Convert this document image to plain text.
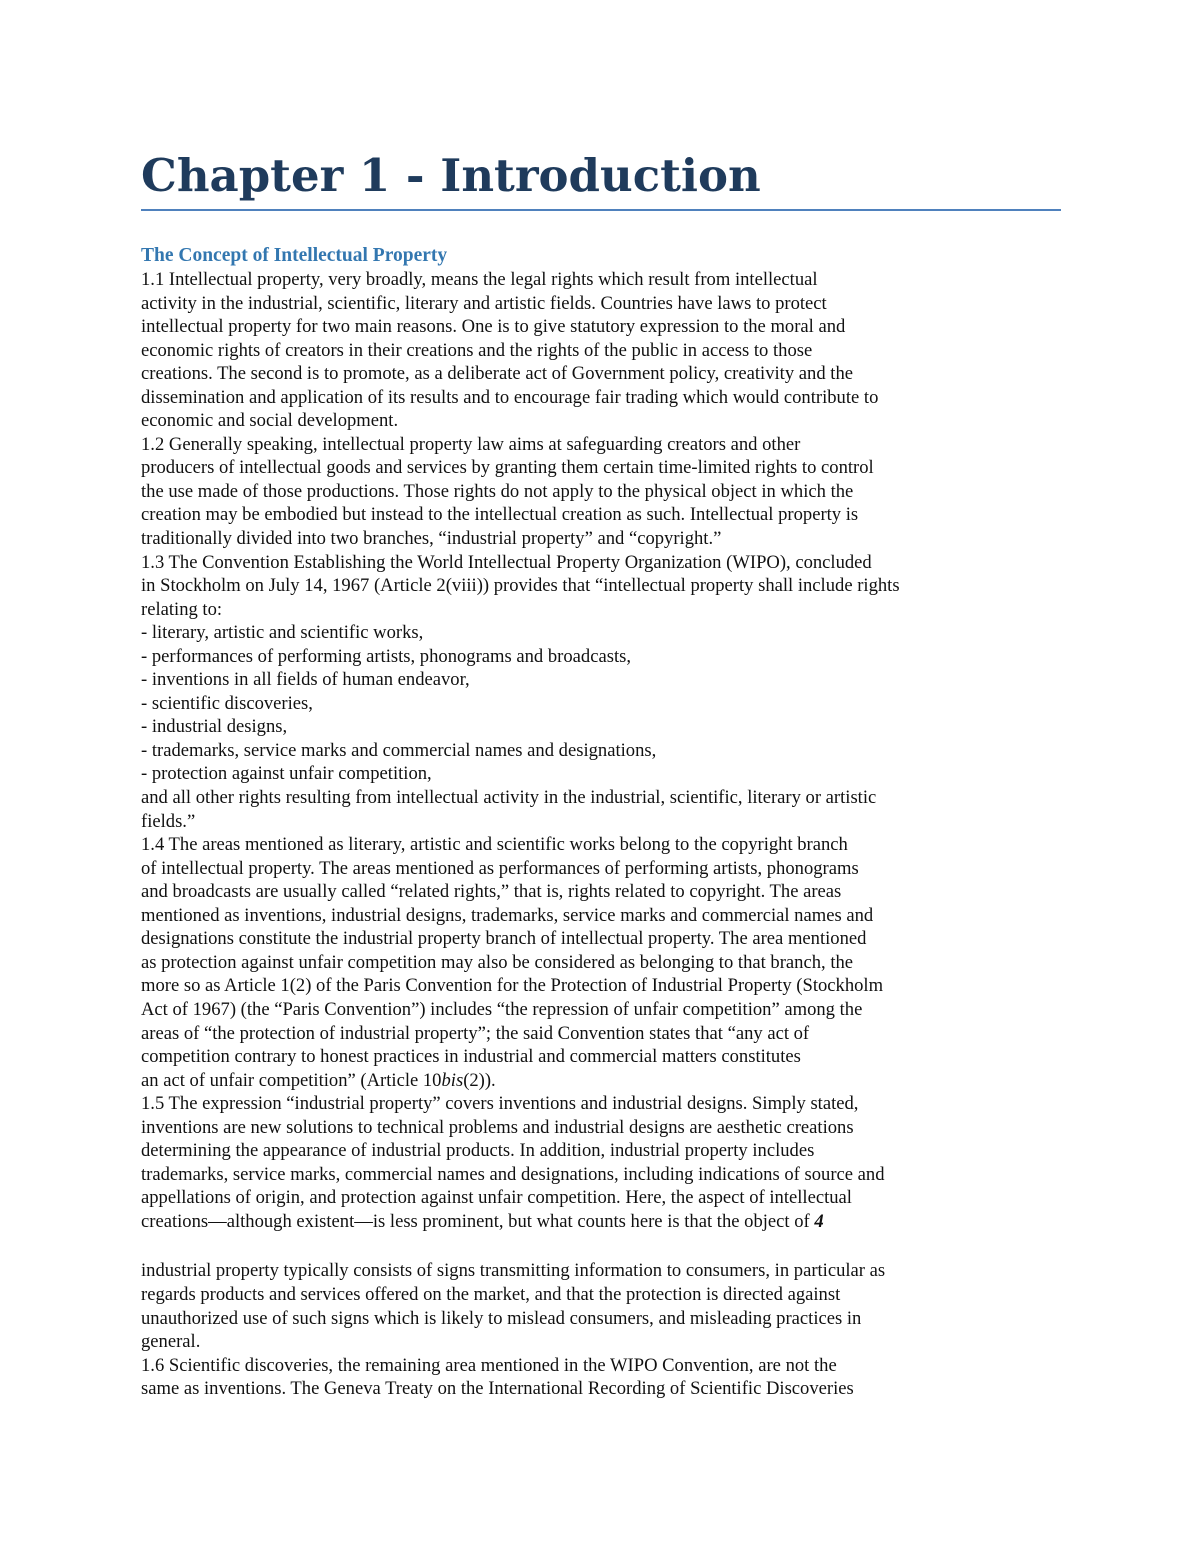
Chapter 1 - Introduction
The Concept of Intellectual Property
1.1 Intellectual property, very broadly, means the legal rights which result from intellectual
activity in the industrial, scientific, literary and artistic fields. Countries have laws to protect
intellectual property for two main reasons. One is to give statutory expression to the moral and
economic rights of creators in their creations and the rights of the public in access to those
creations. The second is to promote, as a deliberate act of Government policy, creativity and the
dissemination and application of its results and to encourage fair trading which would contribute to
economic and social development.
1.2 Generally speaking, intellectual property law aims at safeguarding creators and other
producers of intellectual goods and services by granting them certain time-limited rights to control
the use made of those productions. Those rights do not apply to the physical object in which the
creation may be embodied but instead to the intellectual creation as such. Intellectual property is
traditionally divided into two branches, “industrial property” and “copyright.”
1.3 The Convention Establishing the World Intellectual Property Organization (WIPO), concluded
in Stockholm on July 14, 1967 (Article 2(viii)) provides that “intellectual property shall include rights
relating to:
- literary, artistic and scientific works,
- performances of performing artists, phonograms and broadcasts,
- inventions in all fields of human endeavor,
- scientific discoveries,
- industrial designs,
- trademarks, service marks and commercial names and designations,
- protection against unfair competition,
and all other rights resulting from intellectual activity in the industrial, scientific, literary or artistic
fields.”
1.4 The areas mentioned as literary, artistic and scientific works belong to the copyright branch
of intellectual property. The areas mentioned as performances of performing artists, phonograms
and broadcasts are usually called “related rights,” that is, rights related to copyright. The areas
mentioned as inventions, industrial designs, trademarks, service marks and commercial names and
designations constitute the industrial property branch of intellectual property. The area mentioned
as protection against unfair competition may also be considered as belonging to that branch, the
more so as Article 1(2) of the Paris Convention for the Protection of Industrial Property (Stockholm
Act of 1967) (the “Paris Convention”) includes “the repression of unfair competition” among the
areas of “the protection of industrial property”; the said Convention states that “any act of
competition contrary to honest practices in industrial and commercial matters constitutes
an act of unfair competition” (Article 10bis(2)).
1.5 The expression “industrial property” covers inventions and industrial designs. Simply stated,
inventions are new solutions to technical problems and industrial designs are aesthetic creations
determining the appearance of industrial products. In addition, industrial property includes
trademarks, service marks, commercial names and designations, including indications of source and
appellations of origin, and protection against unfair competition. Here, the aspect of intellectual
creations—although existent—is less prominent, but what counts here is that the object of 4
industrial property typically consists of signs transmitting information to consumers, in particular as
regards products and services offered on the market, and that the protection is directed against
unauthorized use of such signs which is likely to mislead consumers, and misleading practices in
general.
1.6 Scientific discoveries, the remaining area mentioned in the WIPO Convention, are not the
same as inventions. The Geneva Treaty on the International Recording of Scientific Discoveries
